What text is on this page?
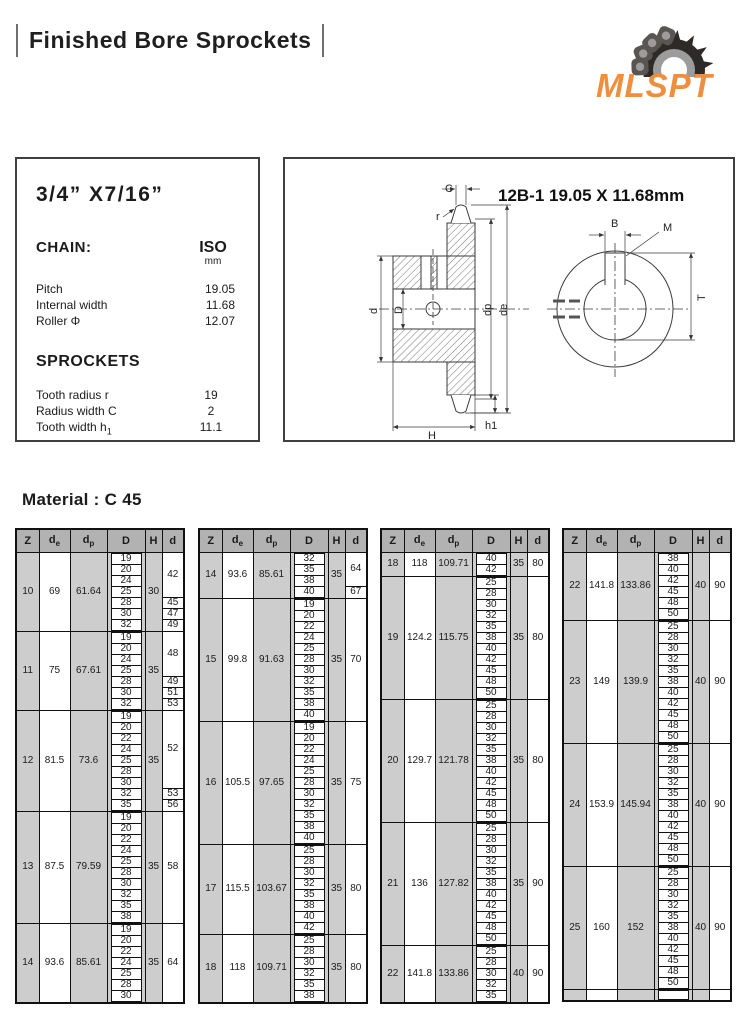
Finished Bore Sprockets
MLSPT
3/4” X7/16”
CHAIN:	ISO
mm
Pitch	19.05
Internal width	11.68
Roller Φ	12.07
SPROCKETS
Tooth radius r	19
Radius width C	2
Tooth width $h_1$	11.1
12B-1 19.05 X 11.68mm
C
r
d D	dp de
h1
H
B	M
T
Material : C 45
Z	$d_e$	$d_p$	D	H	d
10	69	61.64	19	30	42

			20		

			24		

			25		

			28		45

			30		47

			32		49
11	75	67.61	19	35	48

			20		

			24		

			25		

			28		49

			30		51

			32		53
12	81.5	73.6	19	35	52

			20		

			22		

			24		

			25		

			28		

			30		

			32		53

			35		56
13	87.5	79.59	19	35	58

			20		

			22		

			24		

			25		

			28		

			30		

			32		

			35		

			38		

14	93.6	85.61	19	35	64

			20		

			22		

			24		

			25		

			28		

			30		
Z	$d_e$	$d_p$	D	H	d
14	93.6	85.61	32	35	64

			35		

			38		

			40		67
15	99.8	91.63	19	35	70

			20		

			22		

			24		

			25		

			28		

			30		

			32		

			35		

			38		

			40		

16	105.5	97.65	19	35	75

			20		

			22		

			24		

			25		

			28		

			30		

			32		

			35		

			38		

			40		

17	115.5	103.67	25	35	80

			28		

			30		

			32		

			35		

			38		

			40		

			42		

18	118	109.71	25	35	80

			28		

			30		

			32		

			35		

			38		
Z	$d_e$	$d_p$	D	H	d
18	118	109.71	40	35	80

			42		

19	124.2	115.75	25	35	80

			28		

			30		

			32		

			35		

			38		

			40		

			42		

			45		

			48		

			50		

20	129.7	121.78	25	35	80

			28		

			30		

			32		

			35		

			38		

			40		

			42		

			45		

			48		

			50		

21	136	127.82	25	35	90

			28		

			30		

			32		

			35		

			38		

			40		

			42		

			45		

			48		

			50		

22	141.8	133.86	25	40	90

			28		

			30		

			32		

			35		
Z	$d_e$	$d_p$	D	H	d
22	141.8	133.86	38	40	90

			40		

			42		

			45		

			48		

			50		

23	149	139.9	25	40	90

			28		

			30		

			32		

			35		

			38		

			40		

			42		

			45		

			48		

			50		

24	153.9	145.94	25	40	90

			28		

			30		

			32		

			35		

			38		

			40		

			42		

			45		

			48		

			50		

25	160	152	25	40	90

			28		

			30		

			32		

			35		

			38		

			40		

			42		

			45		

			48		

			50		
